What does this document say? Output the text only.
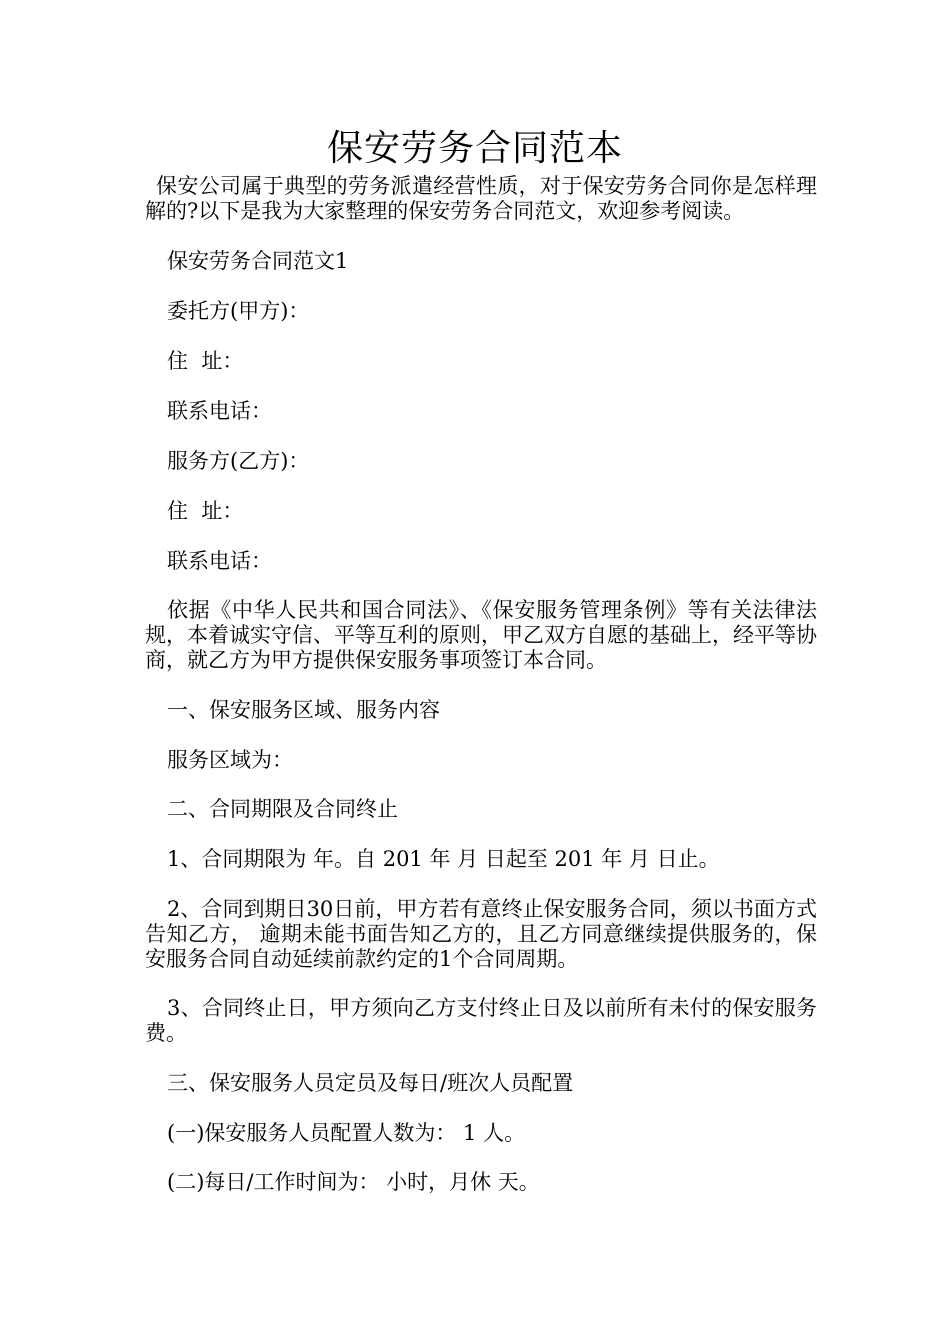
保安劳务合同范本
保安公司属于典型的劳务派遣经营性质，对于保安劳务合同你是怎样理解的?以下是我为大家整理的保安劳务合同范文，欢迎参考阅读。
保安劳务合同范文1
委托方(甲方)：
住  址：
联系电话：
服务方(乙方)：
住  址：
联系电话：
依据《中华人民共和国合同法》、《保安服务管理条例》等有关法律法规，本着诚实守信、平等互利的原则，甲乙双方自愿的基础上，经平等协商，就乙方为甲方提供保安服务事项签订本合同。
一、保安服务区域、服务内容
服务区域为：
二、合同期限及合同终止
1、合同期限为 年。自 201 年 月 日起至 201 年 月 日止。
2、合同到期日30日前，甲方若有意终止保安服务合同，须以书面方式告知乙方， 逾期未能书面告知乙方的，且乙方同意继续提供服务的，保安服务合同自动延续前款约定的1个合同周期。
3、合同终止日，甲方须向乙方支付终止日及以前所有未付的保安服务费。
三、保安服务人员定员及每日/班次人员配置
(一)保安服务人员配置人数为： 1 人。
(二)每日/工作时间为： 小时，月休 天。
